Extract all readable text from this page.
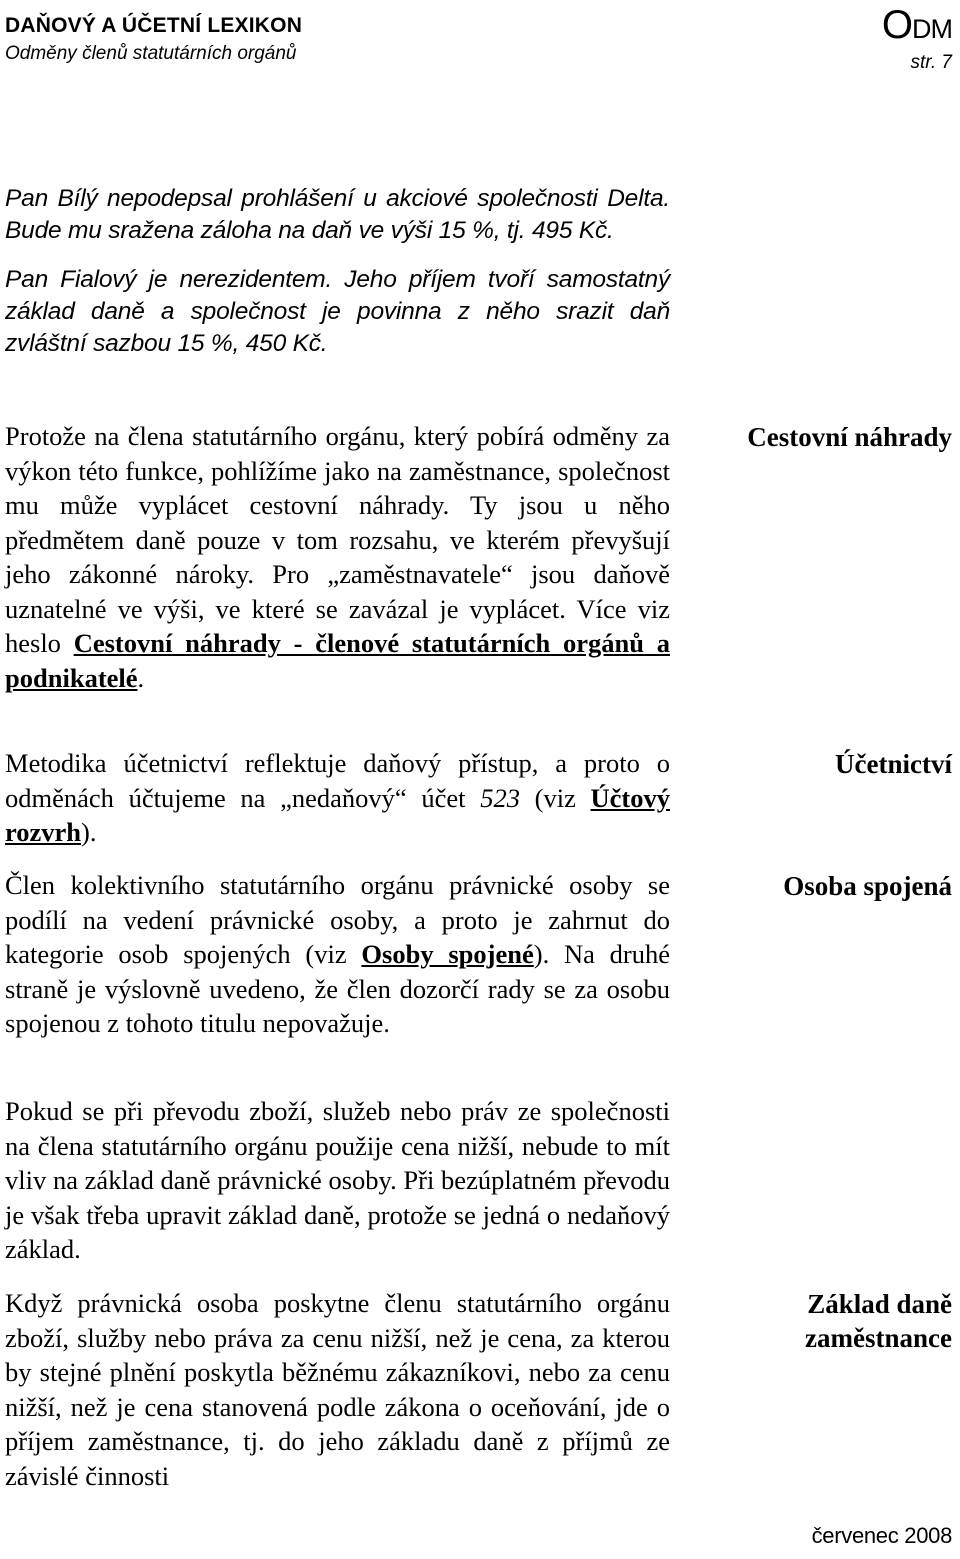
DAŇOVÝ A ÚČETNÍ LEXIKON
Odměny členů statutárních orgánů
ODM
str. 7

Pan Bílý nepodepsal prohlášení u akciové společnosti Delta. Bude mu sražena záloha na daň ve výši 15 %, tj. 495 Kč.

Pan Fialový je nerezidentem. Jeho příjem tvoří samostatný základ daně a společnost je povinna z něho srazit daň zvláštní sazbou 15 %, 450 Kč.

Protože na člena statutárního orgánu, který pobírá odměny za výkon této funkce, pohlížíme jako na zaměstnance, společnost mu může vyplácet cestovní náhrady. Ty jsou u něho předmětem daně pouze v tom rozsahu, ve kterém převyšují jeho zákonné nároky. Pro „zaměstnavatele“ jsou daňově uznatelné ve výši, ve které se zavázal je vyplácet. Více viz heslo Cestovní náhrady - členové statutárních orgánů a podnikatelé.

Cestovní náhrady

Metodika účetnictví reflektuje daňový přístup, a proto o odměnách účtujeme na „nedaňový“ účet 523 (viz Účtový rozvrh).

Účetnictví

Člen kolektivního statutárního orgánu právnické osoby se podílí na vedení právnické osoby, a proto je zahrnut do kategorie osob spojených (viz Osoby spojené). Na druhé straně je výslovně uvedeno, že člen dozorčí rady se za osobu spojenou z tohoto titulu nepovažuje.

Osoba spojená

Pokud se při převodu zboží, služeb nebo práv ze společnosti na člena statutárního orgánu použije cena nižší, nebude to mít vliv na základ daně právnické osoby. Při bezúplatném převodu je však třeba upravit základ daně, protože se jedná o nedaňový základ.

Když právnická osoba poskytne členu statutárního orgánu zboží, služby nebo práva za cenu nižší, než je cena, za kterou by stejné plnění poskytla běžnému zákazníkovi, nebo za cenu nižší, než je cena stanovená podle zákona o oceňování, jde o příjem zaměstnance, tj. do jeho základu daně z příjmů ze závislé činnosti

Základ daně
zaměstnance
červenec 2008
